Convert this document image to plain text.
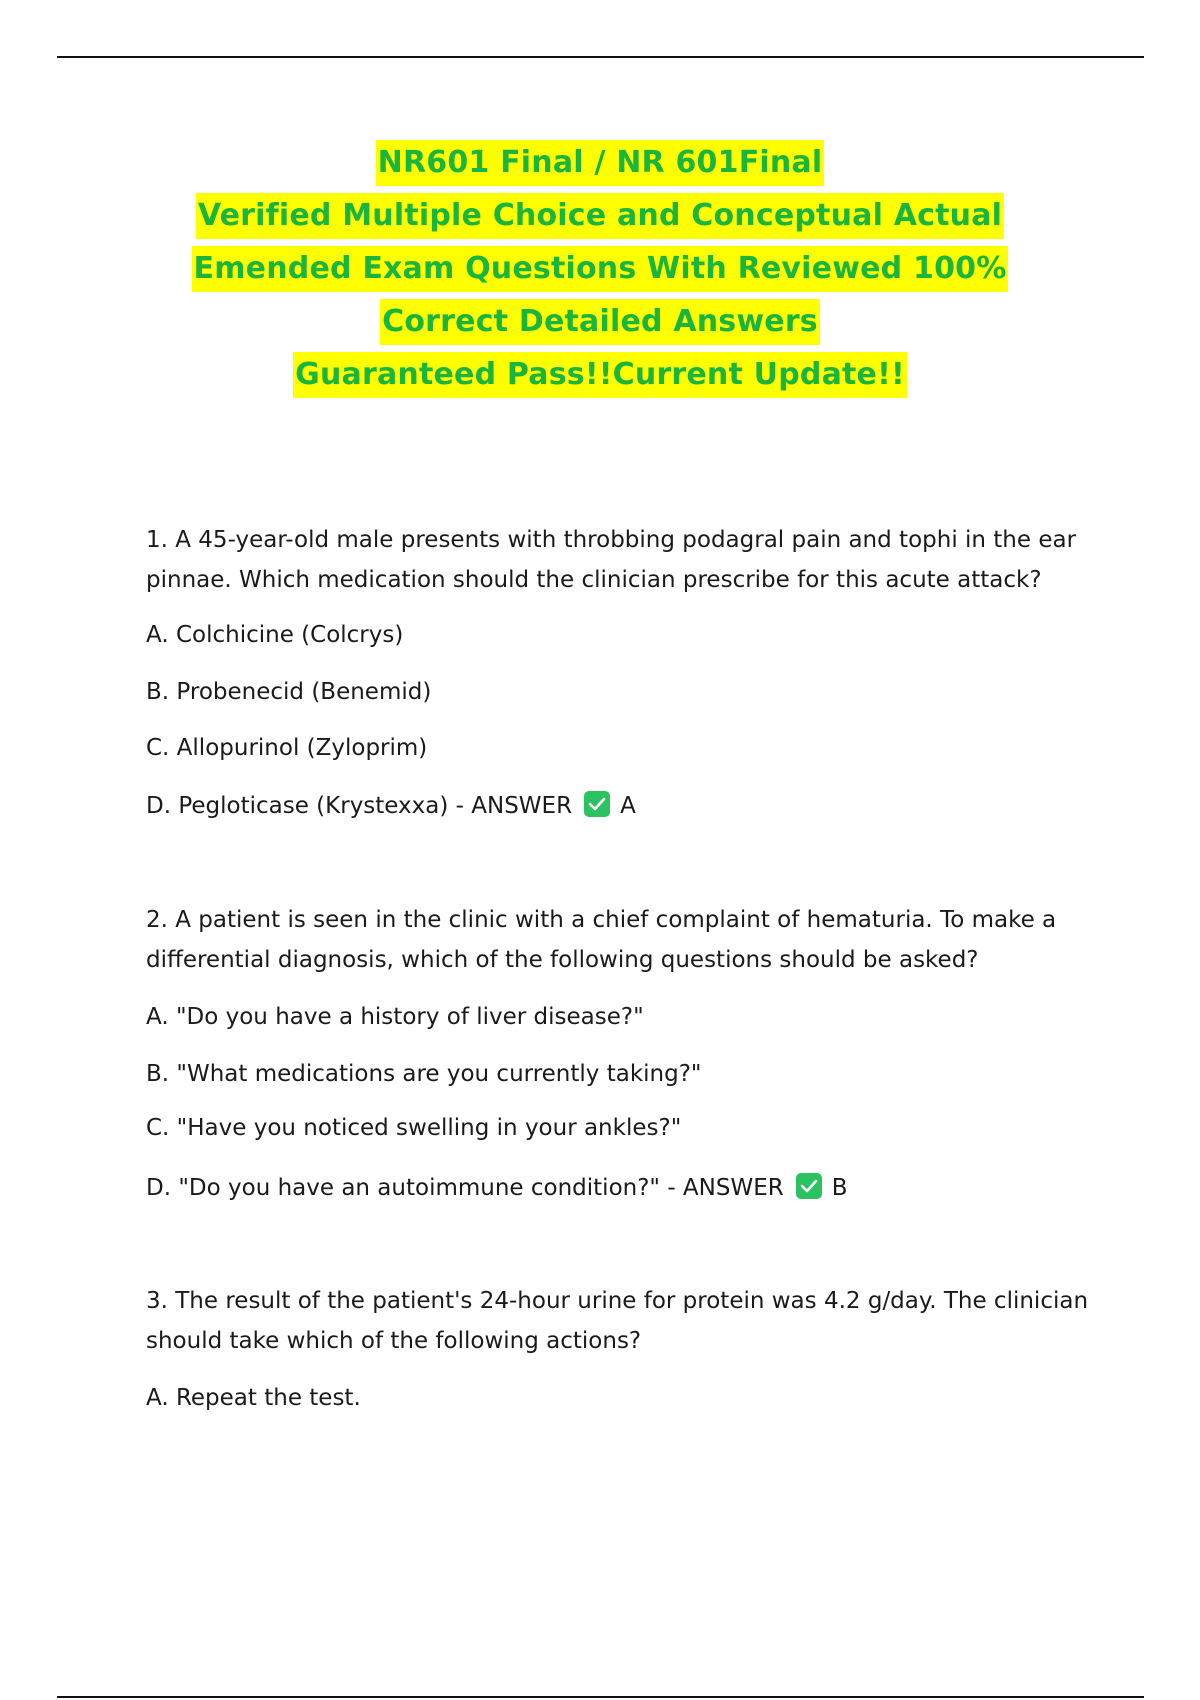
NR601 Final / NR 601Final
Verified Multiple Choice and Conceptual Actual
Emended Exam Questions With Reviewed 100%
Correct Detailed Answers
Guaranteed Pass!!Current Update!!

1. A 45-year-old male presents with throbbing podagral pain and tophi in the ear pinnae. Which medication should the clinician prescribe for this acute attack?

A. Colchicine (Colcrys)

B. Probenecid (Benemid)

C. Allopurinol (Zyloprim)

D. Pegloticase (Krystexxa) - ANSWER A

2. A patient is seen in the clinic with a chief complaint of hematuria. To make a differential diagnosis, which of the following questions should be asked?

A. "Do you have a history of liver disease?"

B. "What medications are you currently taking?"

C. "Have you noticed swelling in your ankles?"

D. "Do you have an autoimmune condition?" - ANSWER B

3. The result of the patient's 24-hour urine for protein was 4.2 g/day. The clinician should take which of the following actions?

A. Repeat the test.
